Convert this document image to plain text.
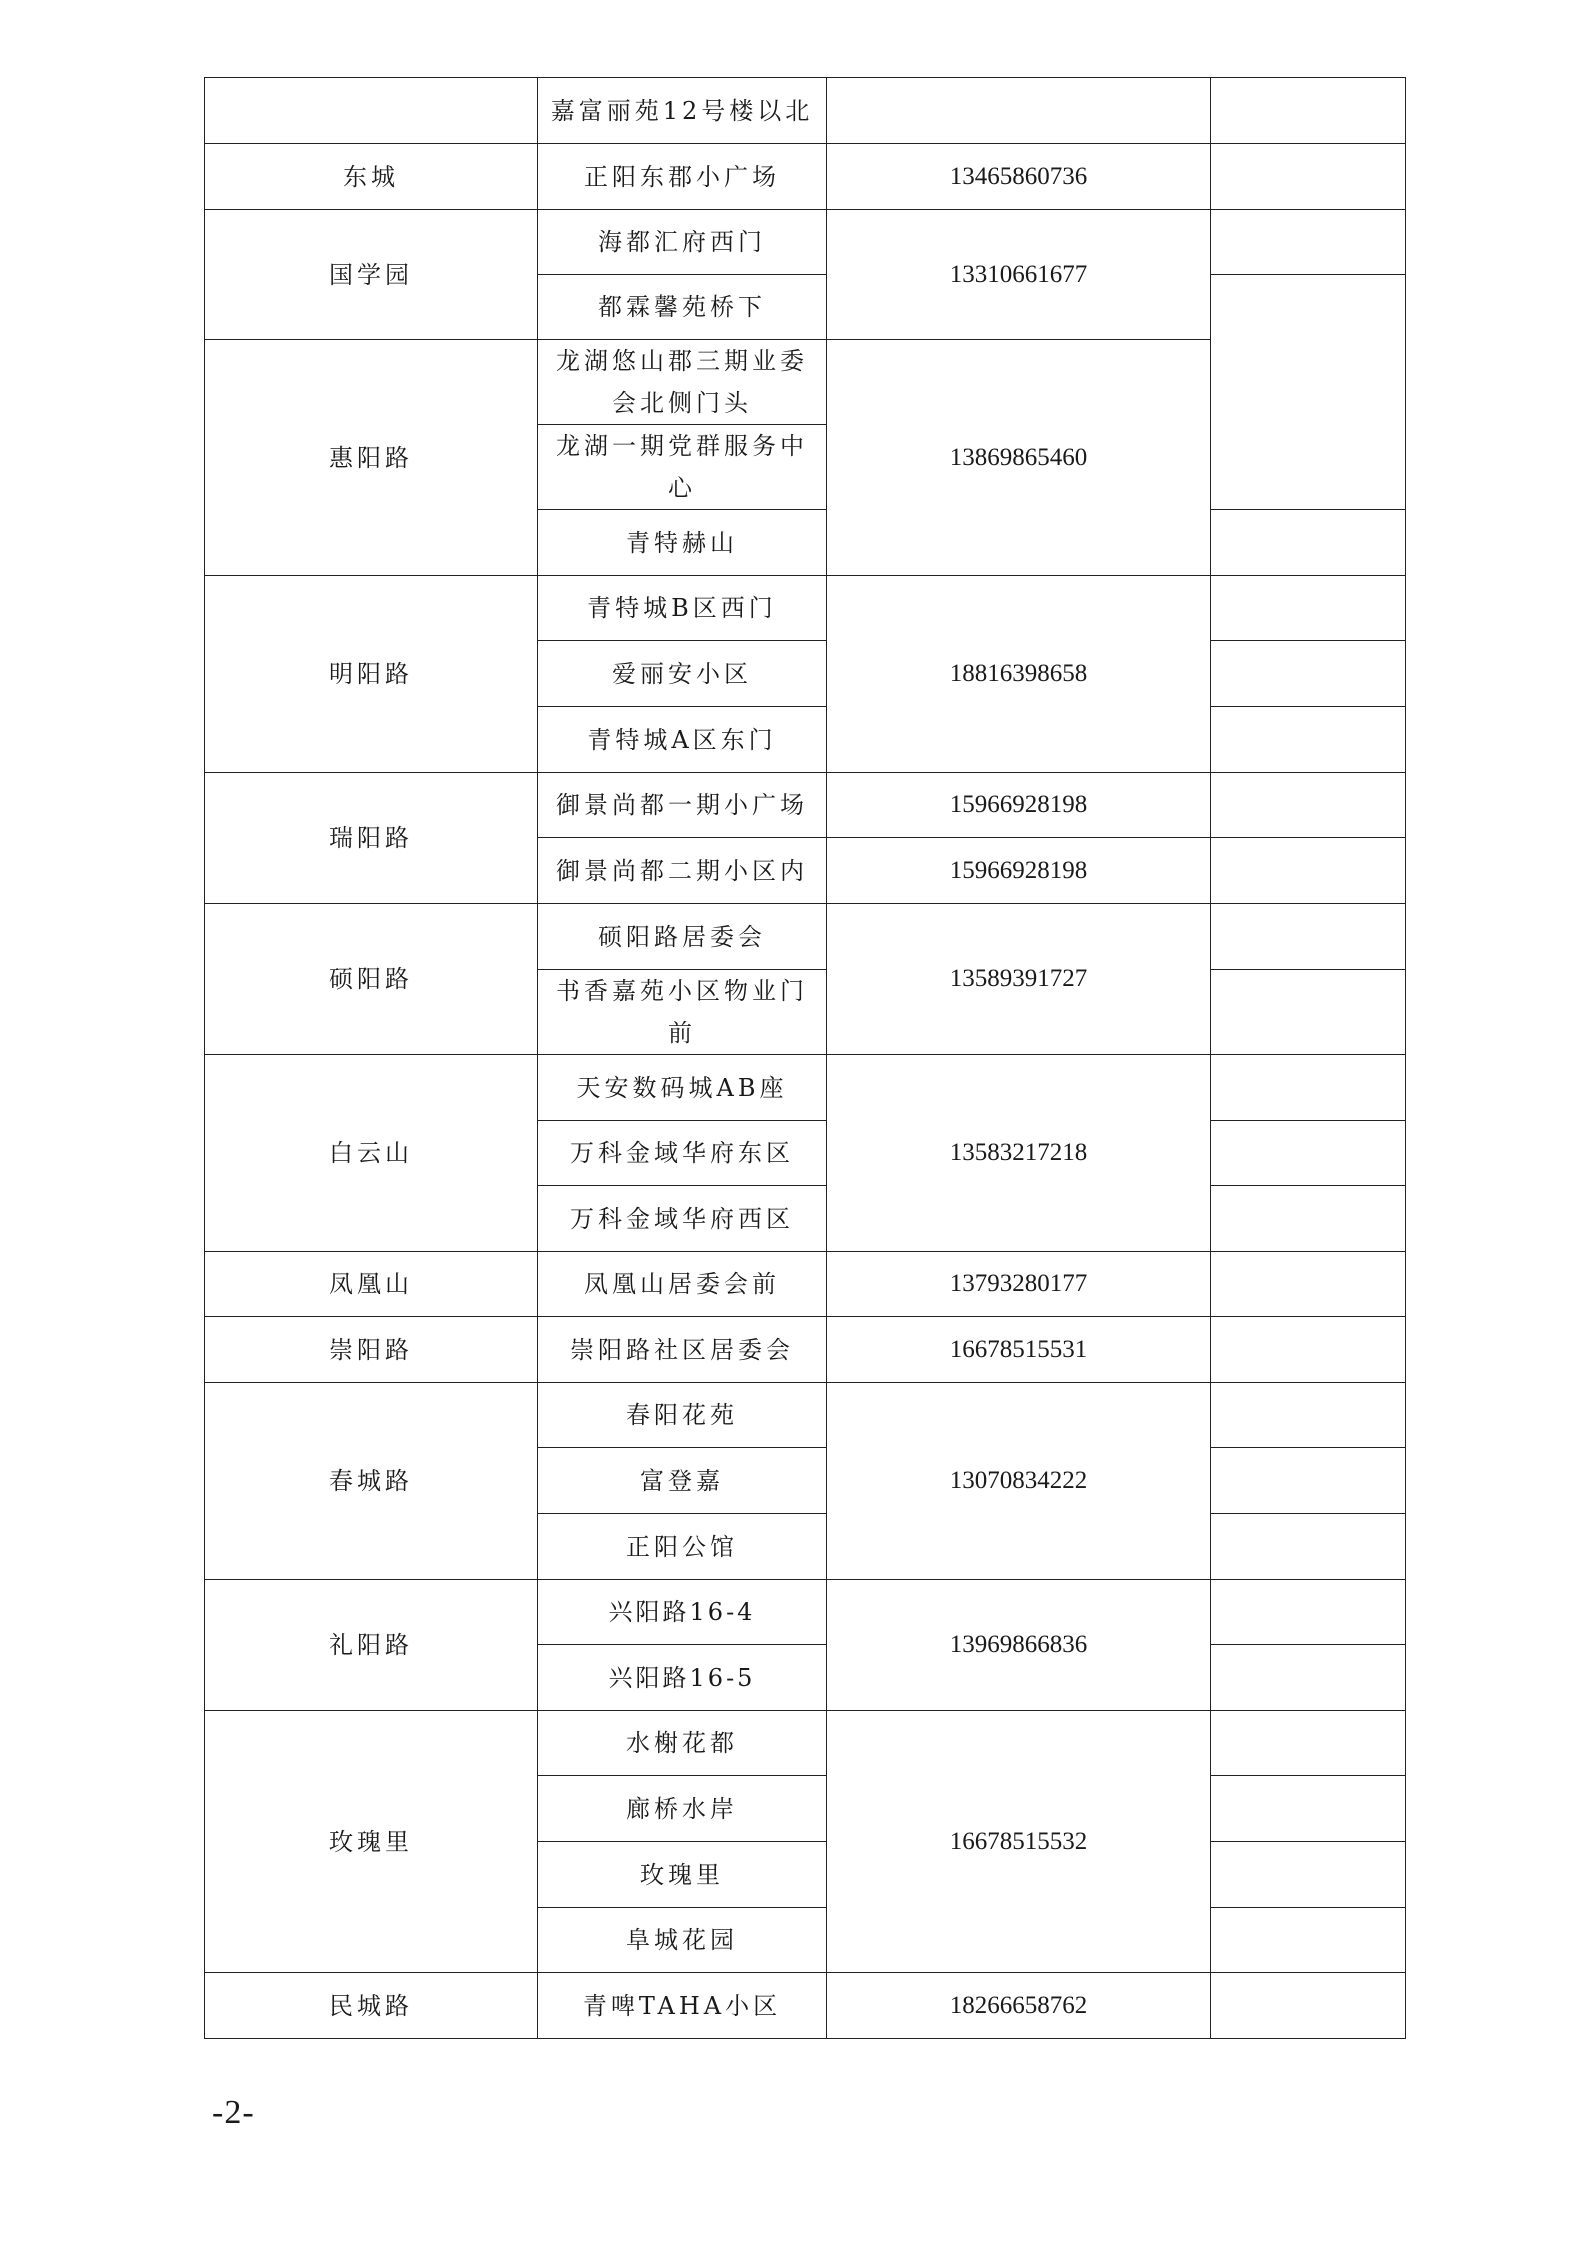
	嘉富丽苑12号楼以北		
东城	正阳东郡小广场	13465860736	
国学园	海都汇府西门	13310661677	
	都霖馨苑桥下		
惠阳路	龙湖悠山郡三期业委会北侧门头	13869865460	
	龙湖一期党群服务中心		
	青特赫山		
明阳路	青特城B区西门	18816398658	
	爱丽安小区		
	青特城A区东门		
瑞阳路	御景尚都一期小广场	15966928198	
	御景尚都二期小区内	15966928198	
硕阳路	硕阳路居委会	13589391727	
	书香嘉苑小区物业门前		
白云山	天安数码城AB座	13583217218	
	万科金域华府东区		
	万科金域华府西区		
凤凰山	凤凰山居委会前	13793280177	
崇阳路	崇阳路社区居委会	16678515531	
春城路	春阳花苑	13070834222	
	富登嘉		
	正阳公馆		
礼阳路	兴阳路16-4	13969866836	
	兴阳路16-5		
玫瑰里	水榭花都	16678515532	
	廊桥水岸		
	玫瑰里		
	阜城花园		
民城路	青啤TAHA小区	18266658762	
-2-
